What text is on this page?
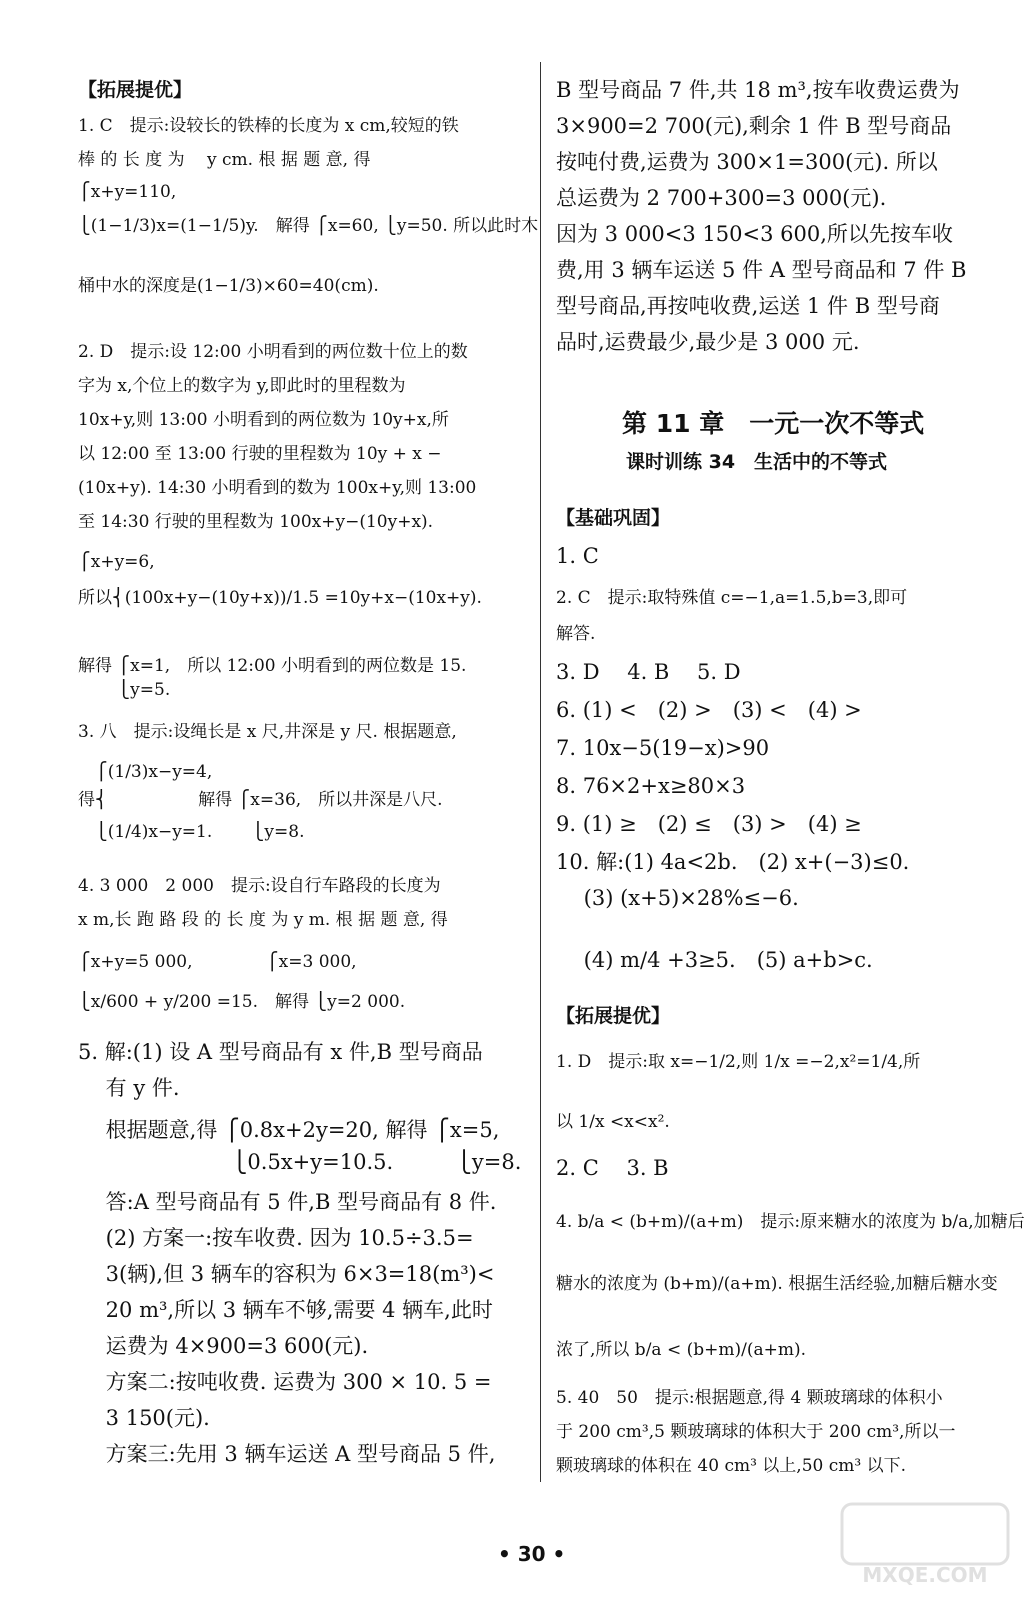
【拓展提优】
1. C　提示:设较长的铁棒的长度为 x cm,较短的铁
棒 的 长 度 为 　y cm. 根 据 题 意, 得
⎧x+y=110,
⎩(1−1/3)x=(1−1/5)y.　解得 ⎧x=60, ⎩y=50. 所以此时木
桶中水的深度是(1−1/3)×60=40(cm).
2. D　提示:设 12:00 小明看到的两位数十位上的数
字为 x,个位上的数字为 y,即此时的里程数为
10x+y,则 13:00 小明看到的两位数为 10y+x,所
以 12:00 至 13:00 行驶的里程数为 10y + x −
(10x+y). 14:30 小明看到的数为 100x+y,则 13:00
至 14:30 行驶的里程数为 100x+y−(10y+x).
⎧x+y=6,
所以⎨(100x+y−(10y+x))/1.5 =10y+x−(10x+y).
解得 ⎧x=1,　所以 12:00 小明看到的两位数是 15.
　　 ⎩y=5.
3. 八　提示:设绳长是 x 尺,井深是 y 尺. 根据题意,
　⎧(1/3)x−y=4,
得⎨　　　　　 解得 ⎧x=36,　所以井深是八尺.
　⎩(1/4)x−y=1.　　 ⎩y=8.
4. 3 000　2 000　提示:设自行车路段的长度为
x m,长 跑 路 段 的 长 度 为 y m. 根 据 题 意, 得
⎧x+y=5 000,　　　　 ⎧x=3 000,
⎩x/600 + y/200 =15.　解得 ⎩y=2 000.
5. 解:(1) 设 A 型号商品有 x 件,B 型号商品
　 有 y 件.
　 根据题意,得 ⎧0.8x+2y=20, 解得 ⎧x=5,
　　　　　　　 ⎩0.5x+y=10.5.　　　⎩y=8.
　 答:A 型号商品有 5 件,B 型号商品有 8 件.
　 (2) 方案一:按车收费. 因为 10.5÷3.5=
　 3(辆),但 3 辆车的容积为 6×3=18(m³)<
　 20 m³,所以 3 辆车不够,需要 4 辆车,此时
　 运费为 4×900=3 600(元).
　 方案二:按吨收费. 运费为 300 × 10. 5 =
　 3 150(元).
　 方案三:先用 3 辆车运送 A 型号商品 5 件,
B 型号商品 7 件,共 18 m³,按车收费运费为
3×900=2 700(元),剩余 1 件 B 型号商品
按吨付费,运费为 300×1=300(元). 所以
总运费为 2 700+300=3 000(元).
因为 3 000<3 150<3 600,所以先按车收
费,用 3 辆车运送 5 件 A 型号商品和 7 件 B
型号商品,再按吨收费,运送 1 件 B 型号商
品时,运费最少,最少是 3 000 元.
【基础巩固】
1. C
2. C　提示:取特殊值 c=−1,a=1.5,b=3,即可
解答.
3. D　 4. B　 5. D
6. (1) <　(2) >　(3) <　(4) >
7. 10x−5(19−x)>90
8. 76×2+x≥80×3
9. (1) ≥　(2) ≤　(3) >　(4) ≥
10. 解:(1) 4a<2b.　(2) x+(−3)≤0.
　 (3) (x+5)×28%≤−6.
　 (4) m/4 +3≥5.　(5) a+b>c.
【拓展提优】
1. D　提示:取 x=−1/2,则 1/x =−2,x²=1/4,所
以 1/x <x<x².
2. C　 3. B
4. b/a < (b+m)/(a+m)　提示:原来糖水的浓度为 b/a,加糖后
糖水的浓度为 (b+m)/(a+m). 根据生活经验,加糖后糖水变
浓了,所以 b/a < (b+m)/(a+m).
5. 40　50　提示:根据题意,得 4 颗玻璃球的体积小
于 200 cm³,5 颗玻璃球的体积大于 200 cm³,所以一
颗玻璃球的体积在 40 cm³ 以上,50 cm³ 以下.
第 11 章　一元一次不等式
课时训练 34　生活中的不等式
• 30 •
MXQE.COM
